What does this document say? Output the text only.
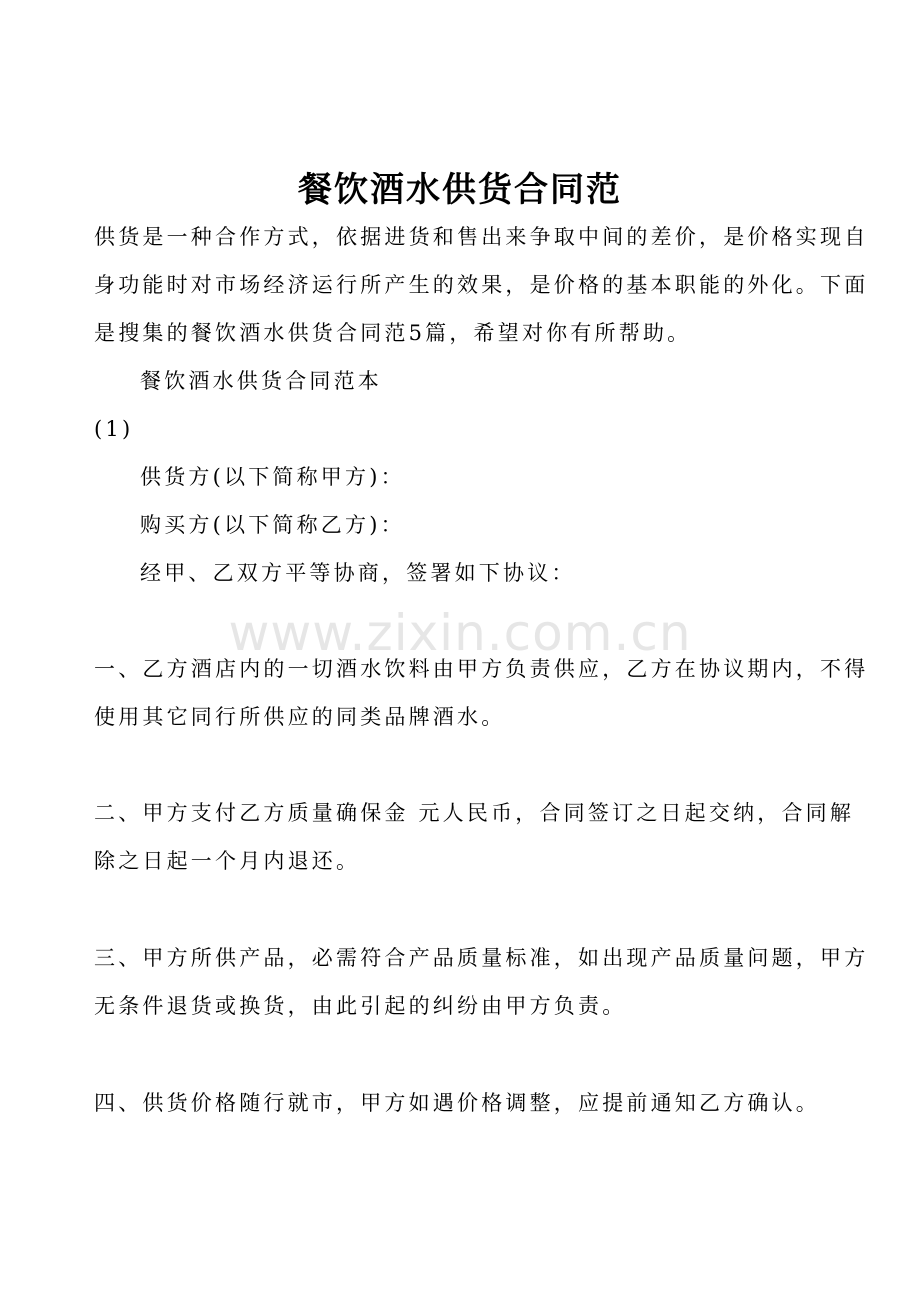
餐饮酒水供货合同范
供货是一种合作方式，依据进货和售出来争取中间的差价，是价格实现自
身功能时对市场经济运行所产生的效果，是价格的基本职能的外化。下面
是搜集的餐饮酒水供货合同范5篇，希望对你有所帮助。
餐饮酒水供货合同范本
(1)
供货方(以下简称甲方)：
购买方(以下简称乙方)：
经甲、乙双方平等协商，签署如下协议：
www.zixin.com.cn
一、乙方酒店内的一切酒水饮料由甲方负责供应，乙方在协议期内，不得
使用其它同行所供应的同类品牌酒水。
二、甲方支付乙方质量确保金 元人民币，合同签订之日起交纳，合同解
除之日起一个月内退还。
三、甲方所供产品，必需符合产品质量标准，如出现产品质量问题，甲方
无条件退货或换货，由此引起的纠纷由甲方负责。
四、供货价格随行就市，甲方如遇价格调整，应提前通知乙方确认。
